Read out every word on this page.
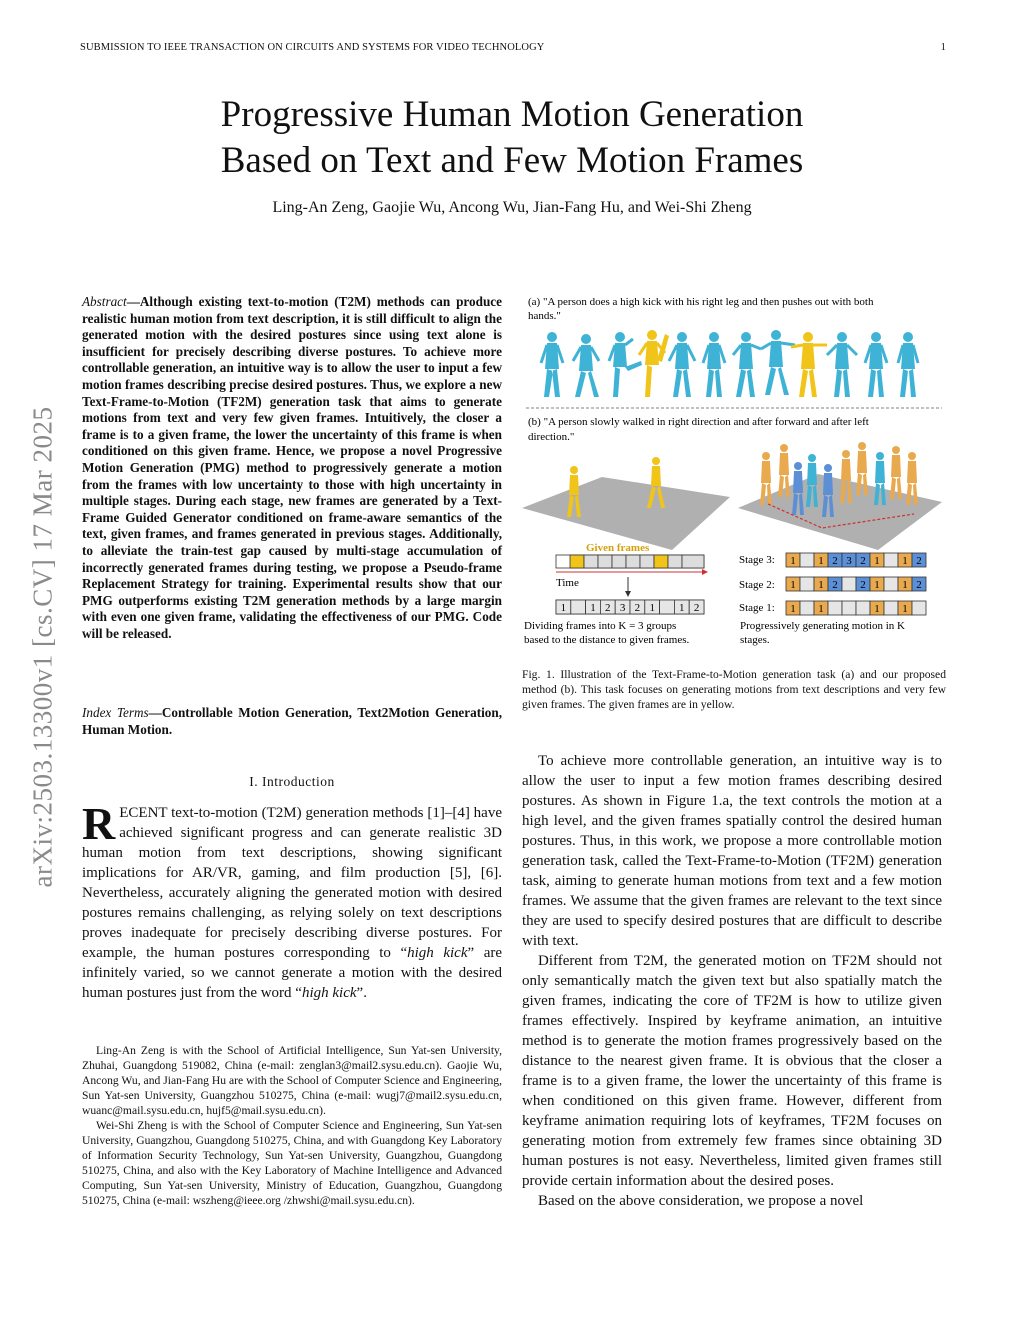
SUBMISSION TO IEEE TRANSACTION ON CIRCUITS AND SYSTEMS FOR VIDEO TECHNOLOGY	1
Progressive Human Motion Generation
Based on Text and Few Motion Frames
Ling-An Zeng, Gaojie Wu, Ancong Wu, Jian-Fang Hu, and Wei-Shi Zheng
arXiv:2503.13300v1 [cs.CV] 17 Mar 2025
Abstract—Although existing text-to-motion (T2M) methods can produce realistic human motion from text description, it is still difficult to align the generated motion with the desired postures since using text alone is insufficient for precisely describing diverse postures. To achieve more controllable generation, an intuitive way is to allow the user to input a few motion frames describing precise desired postures. Thus, we explore a new Text-Frame-to-Motion (TF2M) generation task that aims to generate motions from text and very few given frames. Intuitively, the closer a frame is to a given frame, the lower the uncertainty of this frame is when conditioned on this given frame. Hence, we propose a novel Progressive Motion Generation (PMG) method to progressively generate a motion from the frames with low uncertainty to those with high uncertainty in multiple stages. During each stage, new frames are generated by a Text-Frame Guided Generator conditioned on frame-aware semantics of the text, given frames, and frames generated in previous stages. Additionally, to alleviate the train-test gap caused by multi-stage accumulation of incorrectly generated frames during testing, we propose a Pseudo-frame Replacement Strategy for training. Experimental results show that our PMG outperforms existing T2M generation methods by a large margin with even one given frame, validating the effectiveness of our PMG. Code will be released.
Index Terms—Controllable Motion Generation, Text2Motion Generation, Human Motion.
I. Introduction
RECENT text-to-motion (T2M) generation methods [1]–[4] have achieved significant progress and can generate realistic 3D human motion from text descriptions, showing significant implications for AR/VR, gaming, and film production [5], [6]. Nevertheless, accurately aligning the generated motion with desired postures remains challenging, as relying solely on text descriptions proves inadequate for precisely describing diverse postures. For example, the human postures corresponding to “high kick” are infinitely varied, so we cannot generate a motion with the desired human postures just from the word “high kick”.

Ling-An Zeng is with the School of Artificial Intelligence, Sun Yat-sen University, Zhuhai, Guangdong 519082, China (e-mail: zenglan3@mail2.sysu.edu.cn). Gaojie Wu, Ancong Wu, and Jian-Fang Hu are with the School of Computer Science and Engineering, Sun Yat-sen University, Guangzhou 510275, China (e-mail: wugj7@mail2.sysu.edu.cn, wuanc@mail.sysu.edu.cn, hujf5@mail.sysu.edu.cn).

Wei-Shi Zheng is with the School of Computer Science and Engineering, Sun Yat-sen University, Guangzhou, Guangdong 510275, China, and with Guangdong Key Laboratory of Information Security Technology, Sun Yat-sen University, Guangzhou, Guangdong 510275, China, and also with the Key Laboratory of Machine Intelligence and Advanced Computing, Sun Yat-sen University, Ministry of Education, Guangzhou, Guangdong 510275, China (e-mail: wszheng@ieee.org /zhwshi@mail.sysu.edu.cn).

(a) "A person does a high kick with his right leg and then pushes out with both
hands."
(b) "A person slowly walked in right direction and after forward and after left
direction."
Given frames
Time
1 1 2 3 2 1 1 2
Dividing frames into K = 3 groups
based to the distance to given frames.
Stage 3:
Stage 2:
Stage 1:
1 1 2 3 2 1 1 2
1 1 2 2 1 1 2
1 1	1 1
Progressively generating motion in K
stages.
Fig. 1. Illustration of the Text-Frame-to-Motion generation task (a) and our proposed method (b). This task focuses on generating motions from text descriptions and very few given frames. The given frames are in yellow.

To achieve more controllable generation, an intuitive way is to allow the user to input a few motion frames describing desired postures. As shown in Figure 1.a, the text controls the motion at a high level, and the given frames spatially control the desired human postures. Thus, in this work, we propose a more controllable motion generation task, called the Text-Frame-to-Motion (TF2M) generation task, aiming to generate human motions from text and a few motion frames. We assume that the given frames are relevant to the text since they are used to specify desired postures that are difficult to describe with text.

Different from T2M, the generated motion on TF2M should not only semantically match the given text but also spatially match the given frames, indicating the core of TF2M is how to utilize given frames effectively. Inspired by keyframe animation, an intuitive method is to generate the motion frames progressively based on the distance to the nearest given frame. It is obvious that the closer a frame is to a given frame, the lower the uncertainty of this frame is when conditioned on this given frame. However, different from keyframe animation requiring lots of keyframes, TF2M focuses on generating motion from extremely few frames since obtaining 3D human postures is not easy. Nevertheless, limited given frames still provide certain information about the desired poses.

Based on the above consideration, we propose a novel
